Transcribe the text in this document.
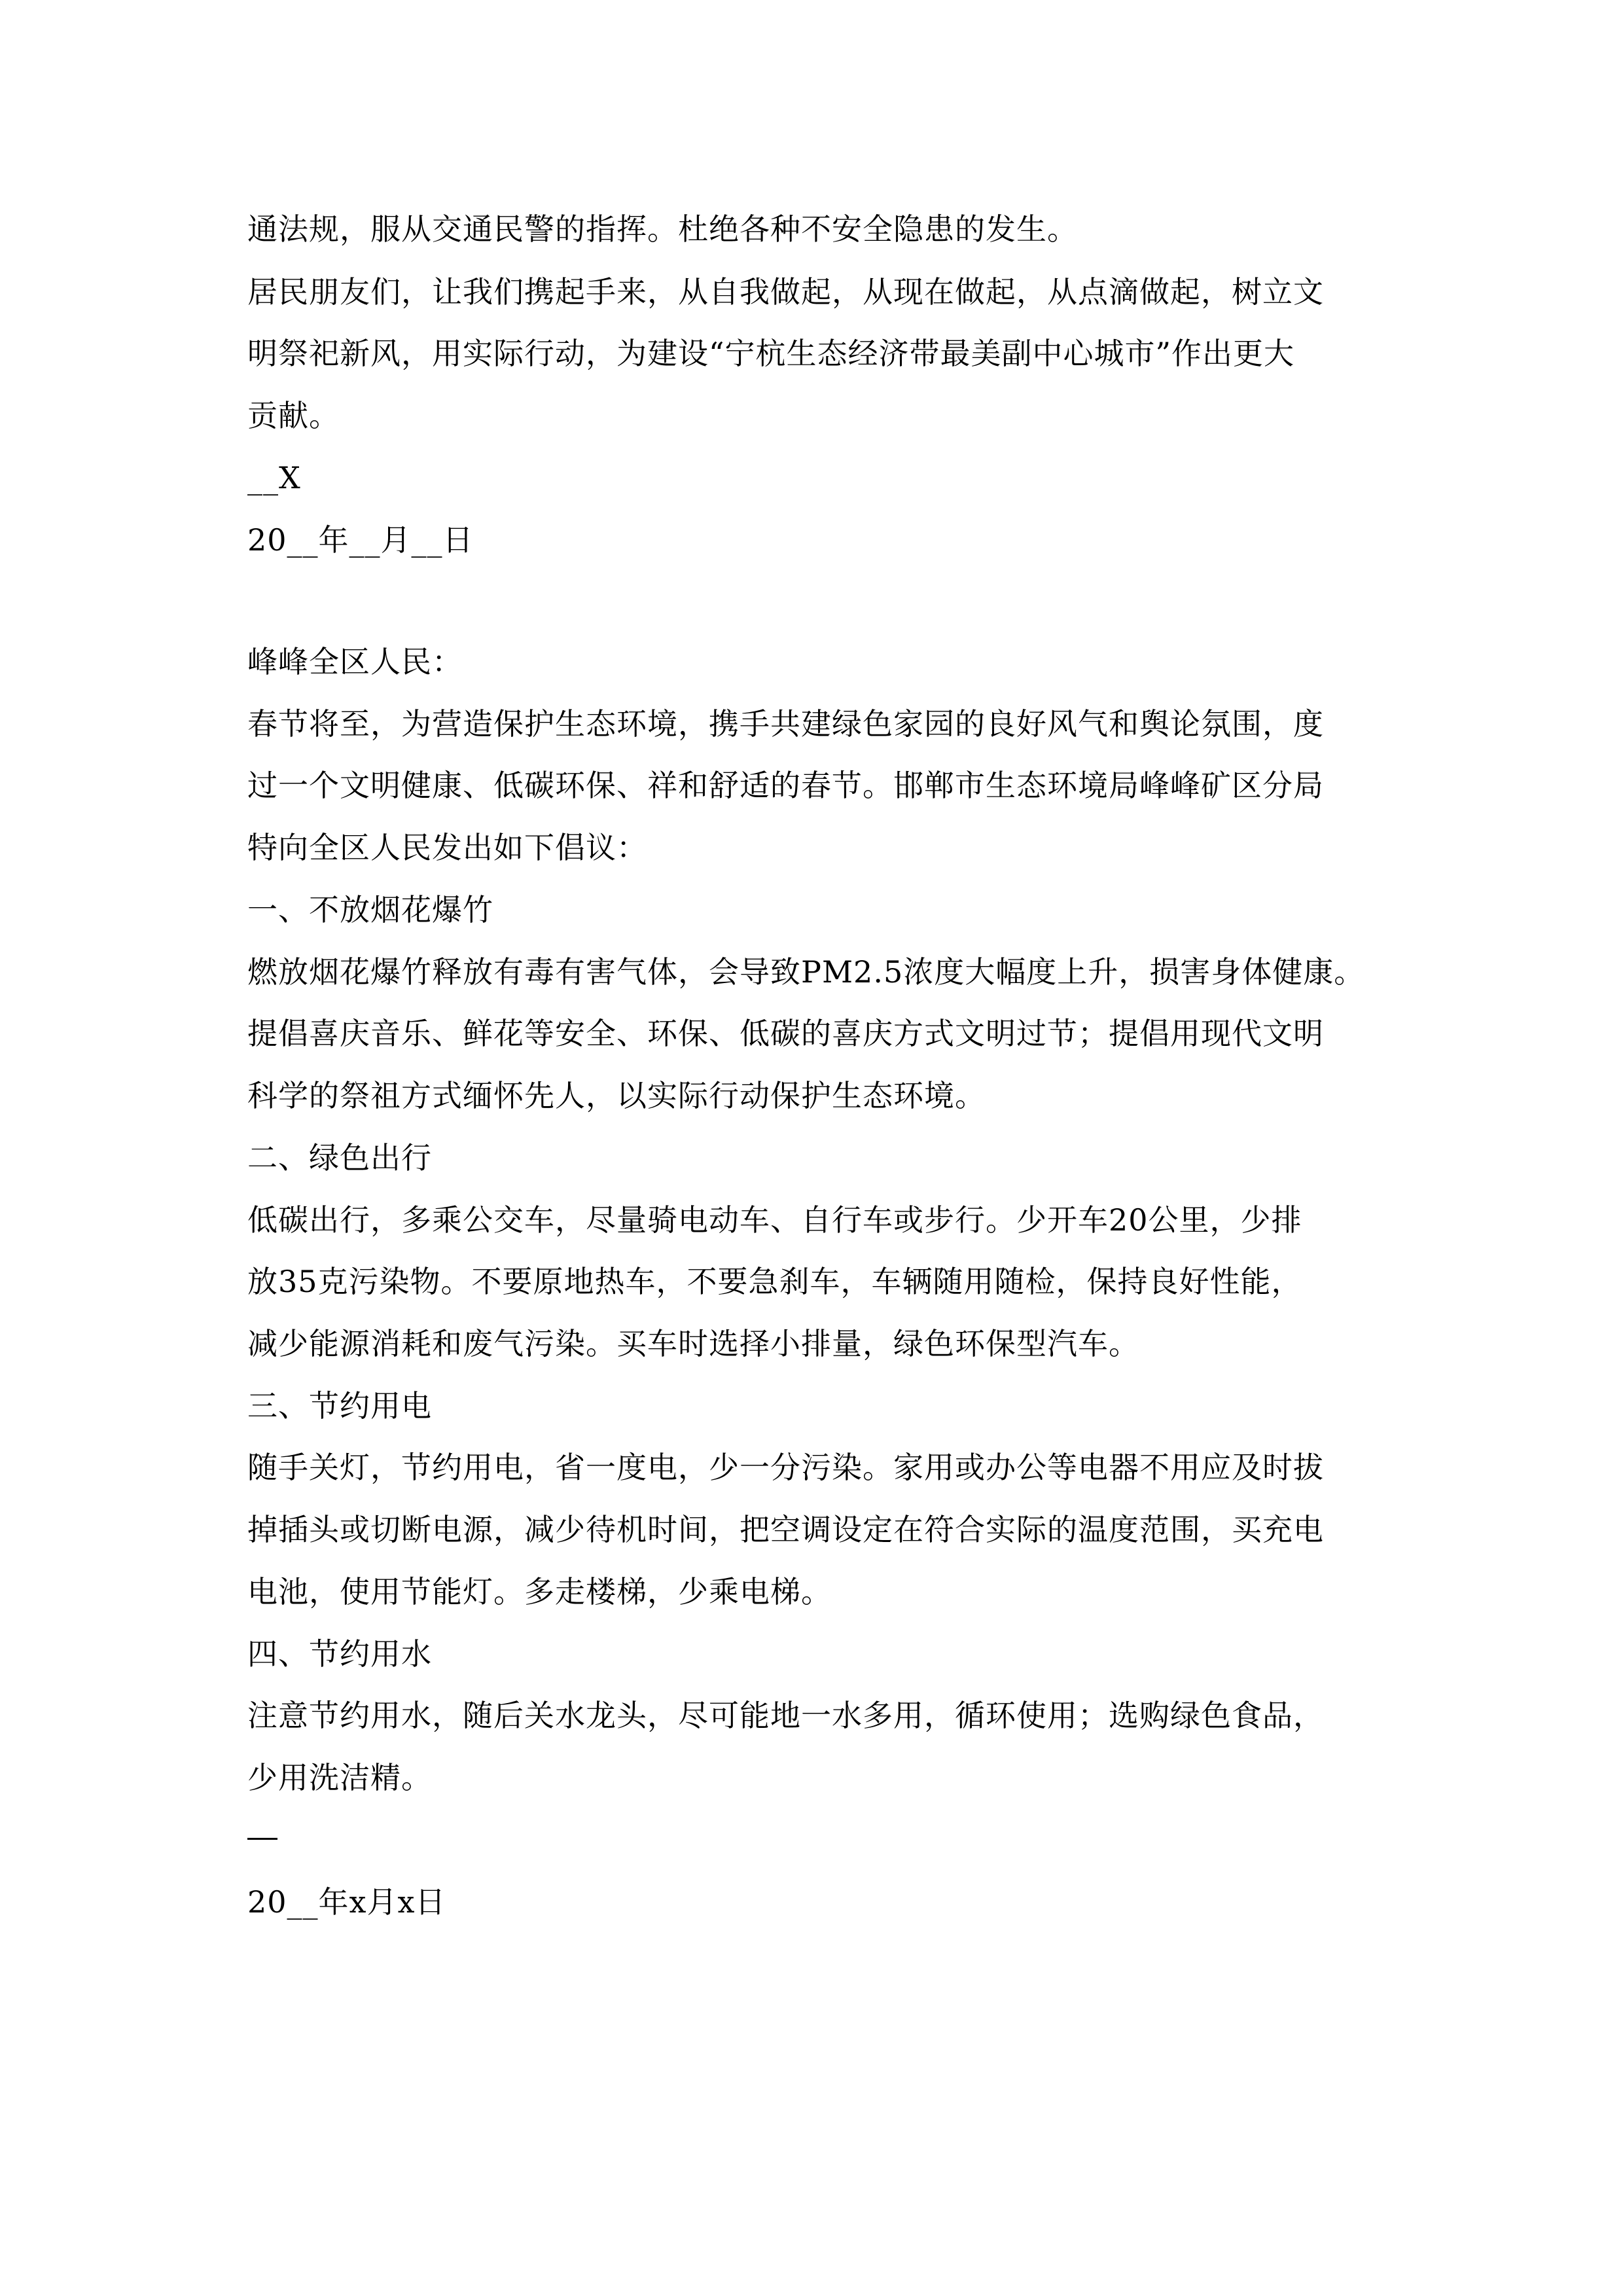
通法规，服从交通民警的指挥。杜绝各种不安全隐患的发生。
居民朋友们，让我们携起手来，从自我做起，从现在做起，从点滴做起，树立文
明祭祀新风，用实际行动，为建设“宁杭生态经济带最美副中心城市”作出更大
贡献。
__X
20__年__月__日
峰峰全区人民：
春节将至，为营造保护生态环境，携手共建绿色家园的良好风气和舆论氛围，度
过一个文明健康、低碳环保、祥和舒适的春节。邯郸市生态环境局峰峰矿区分局
特向全区人民发出如下倡议：
一、不放烟花爆竹
燃放烟花爆竹释放有毒有害气体，会导致PM2.5浓度大幅度上升，损害身体健康。
提倡喜庆音乐、鲜花等安全、环保、低碳的喜庆方式文明过节；提倡用现代文明
科学的祭祖方式缅怀先人，以实际行动保护生态环境。
二、绿色出行
低碳出行，多乘公交车，尽量骑电动车、自行车或步行。少开车20公里，少排
放35克污染物。不要原地热车，不要急刹车，车辆随用随检，保持良好性能，
减少能源消耗和废气污染。买车时选择小排量，绿色环保型汽车。
三、节约用电
随手关灯，节约用电，省一度电，少一分污染。家用或办公等电器不用应及时拔
掉插头或切断电源，减少待机时间，把空调设定在符合实际的温度范围，买充电
电池，使用节能灯。多走楼梯，少乘电梯。
四、节约用水
注意节约用水，随后关水龙头，尽可能地一水多用，循环使用；选购绿色食品，
少用洗洁精。
20__年x月x日
